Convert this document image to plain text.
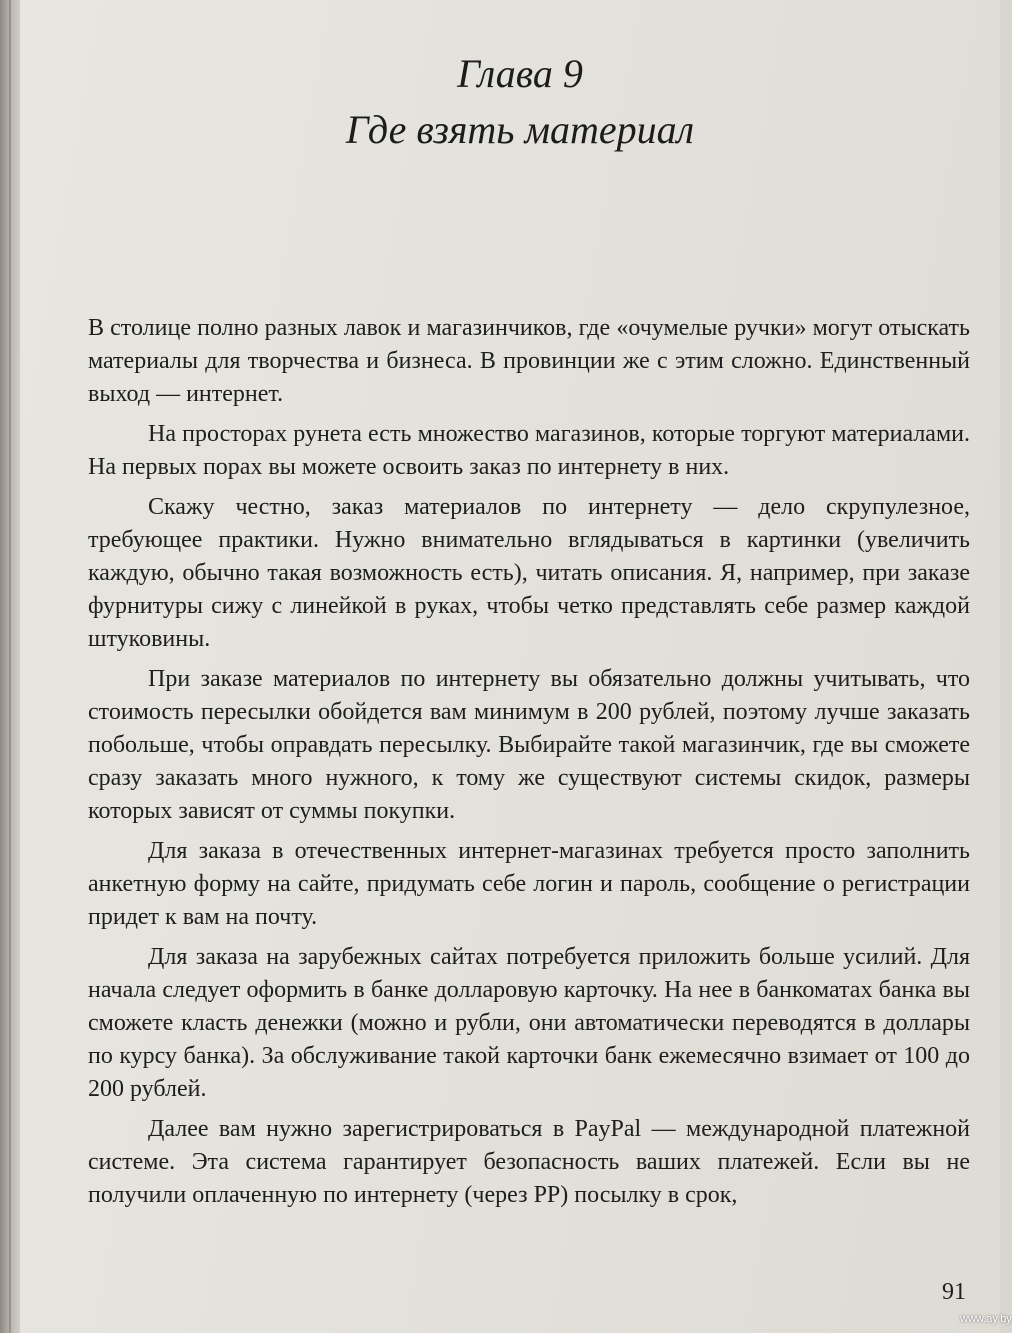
Глава 9
Где взять материал

В столице полно разных лавок и магазинчиков, где «очумелые ручки» могут отыскать материалы для творчества и бизнеса. В провинции же с этим сложно. Единственный выход — интернет.

На просторах рунета есть множество магазинов, которые торгуют материалами. На первых порах вы можете освоить заказ по интернету в них.

Скажу честно, заказ материалов по интернету — дело скрупулезное, требующее практики. Нужно внимательно вглядываться в картинки (увеличить каждую, обычно такая возможность есть), читать описания. Я, например, при заказе фурнитуры сижу с линейкой в руках, чтобы четко представлять себе размер каждой штуковины.

При заказе материалов по интернету вы обязательно должны учитывать, что стоимость пересылки обойдется вам минимум в 200 рублей, поэтому лучше заказать побольше, чтобы оправдать пересылку. Выбирайте такой магазинчик, где вы сможете сразу заказать много нужного, к тому же существуют системы скидок, размеры которых зависят от суммы покупки.

Для заказа в отечественных интернет-магазинах требуется просто заполнить анкетную форму на сайте, придумать себе логин и пароль, сообщение о регистрации придет к вам на почту.

Для заказа на зарубежных сайтах потребуется приложить больше усилий. Для начала следует оформить в банке долларовую карточку. На нее в банкоматах банка вы сможете класть денежки (можно и рубли, они автоматически переводятся в доллары по курсу банка). За обслуживание такой карточки банк ежемесячно взимает от 100 до 200 рублей.

Далее вам нужно зарегистрироваться в PayPal — международной платежной системе. Эта система гарантирует безопасность ваших платежей. Если вы не получили оплаченную по интернету (через PP) посылку в срок,

91
www.ay.by
